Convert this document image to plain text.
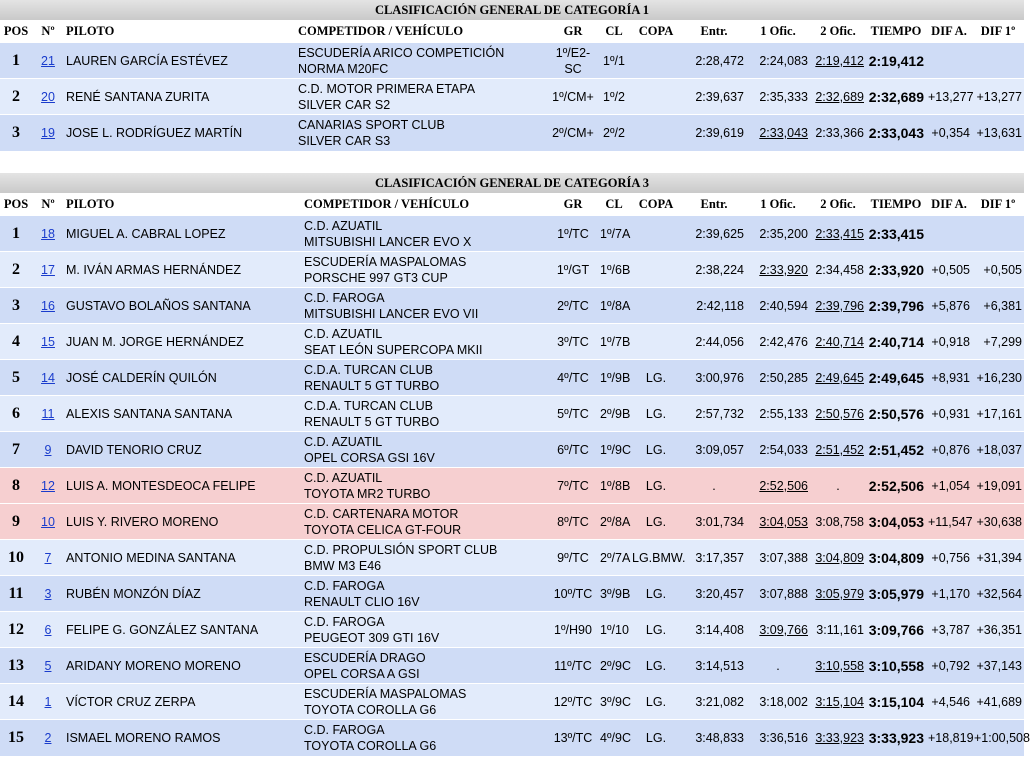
CLASIFICACIÓN GENERAL DE CATEGORÍA 1
POS	Nº	PILOTO	COMPETIDOR / VEHÍCULO	GR	CL	COPA	Entr.	1 Ofic.	2 Ofic.	TIEMPO	DIF A.	DIF 1º
1	21	LAUREN GARCÍA ESTÉVEZ	ESCUDERÍA ARICO COMPETICIÓN
NORMA M20FC	1º/E2-SC	1º/1		2:28,472	2:24,083	2:19,412	2:19,412		
2	20	RENÉ SANTANA ZURITA	C.D. MOTOR PRIMERA ETAPA
SILVER CAR S2	1º/CM+	1º/2		2:39,637	2:35,333	2:32,689	2:32,689	+13,277	+13,277
3	19	JOSE L. RODRÍGUEZ MARTÍN	CANARIAS SPORT CLUB
SILVER CAR S3	2º/CM+	2º/2		2:39,619	2:33,043	2:33,366	2:33,043	+0,354	+13,631
CLASIFICACIÓN GENERAL DE CATEGORÍA 3
POS	Nº	PILOTO	COMPETIDOR / VEHÍCULO	GR	CL	COPA	Entr.	1 Ofic.	2 Ofic.	TIEMPO	DIF A.	DIF 1º
1	18	MIGUEL A. CABRAL LOPEZ	C.D. AZUATIL
MITSUBISHI LANCER EVO X	1º/TC	1º/7A		2:39,625	2:35,200	2:33,415	2:33,415		
2	17	M. IVÁN ARMAS HERNÁNDEZ	ESCUDERÍA MASPALOMAS
PORSCHE 997 GT3 CUP	1º/GT	1º/6B		2:38,224	2:33,920	2:34,458	2:33,920	+0,505	+0,505
3	16	GUSTAVO BOLAÑOS SANTANA	C.D. FAROGA
MITSUBISHI LANCER EVO VII	2º/TC	1º/8A		2:42,118	2:40,594	2:39,796	2:39,796	+5,876	+6,381
4	15	JUAN M. JORGE HERNÁNDEZ	C.D. AZUATIL
SEAT LEÓN SUPERCOPA MKII	3º/TC	1º/7B		2:44,056	2:42,476	2:40,714	2:40,714	+0,918	+7,299
5	14	JOSÉ CALDERÍN QUILÓN	C.D.A. TURCAN CLUB
RENAULT 5 GT TURBO	4º/TC	1º/9B	LG.	3:00,976	2:50,285	2:49,645	2:49,645	+8,931	+16,230
6	11	ALEXIS SANTANA SANTANA	C.D.A. TURCAN CLUB
RENAULT 5 GT TURBO	5º/TC	2º/9B	LG.	2:57,732	2:55,133	2:50,576	2:50,576	+0,931	+17,161
7	9	DAVID TENORIO CRUZ	C.D. AZUATIL
OPEL CORSA GSI 16V	6º/TC	1º/9C	LG.	3:09,057	2:54,033	2:51,452	2:51,452	+0,876	+18,037
8	12	LUIS A. MONTESDEOCA FELIPE	C.D. AZUATIL
TOYOTA MR2 TURBO	7º/TC	1º/8B	LG.	.	2:52,506	.	2:52,506	+1,054	+19,091
9	10	LUIS Y. RIVERO MORENO	C.D. CARTENARA MOTOR
TOYOTA CELICA GT-FOUR	8º/TC	2º/8A	LG.	3:01,734	3:04,053	3:08,758	3:04,053	+11,547	+30,638
10	7	ANTONIO MEDINA SANTANA	C.D. PROPULSIÓN SPORT CLUB
BMW M3 E46	9º/TC	2º/7A	LG.BMW.	3:17,357	3:07,388	3:04,809	3:04,809	+0,756	+31,394
11	3	RUBÉN MONZÓN DÍAZ	C.D. FAROGA
RENAULT CLIO 16V	10º/TC	3º/9B	LG.	3:20,457	3:07,888	3:05,979	3:05,979	+1,170	+32,564
12	6	FELIPE G. GONZÁLEZ SANTANA	C.D. FAROGA
PEUGEOT 309 GTI 16V	1º/H90	1º/10	LG.	3:14,408	3:09,766	3:11,161	3:09,766	+3,787	+36,351
13	5	ARIDANY MORENO MORENO	ESCUDERÍA DRAGO
OPEL CORSA A GSI	11º/TC	2º/9C	LG.	3:14,513	.	3:10,558	3:10,558	+0,792	+37,143
14	1	VÍCTOR CRUZ ZERPA	ESCUDERÍA MASPALOMAS
TOYOTA COROLLA G6	12º/TC	3º/9C	LG.	3:21,082	3:18,002	3:15,104	3:15,104	+4,546	+41,689
15	2	ISMAEL MORENO RAMOS	C.D. FAROGA
TOYOTA COROLLA G6	13º/TC	4º/9C	LG.	3:48,833	3:36,516	3:33,923	3:33,923	+18,819	+1:00,508
